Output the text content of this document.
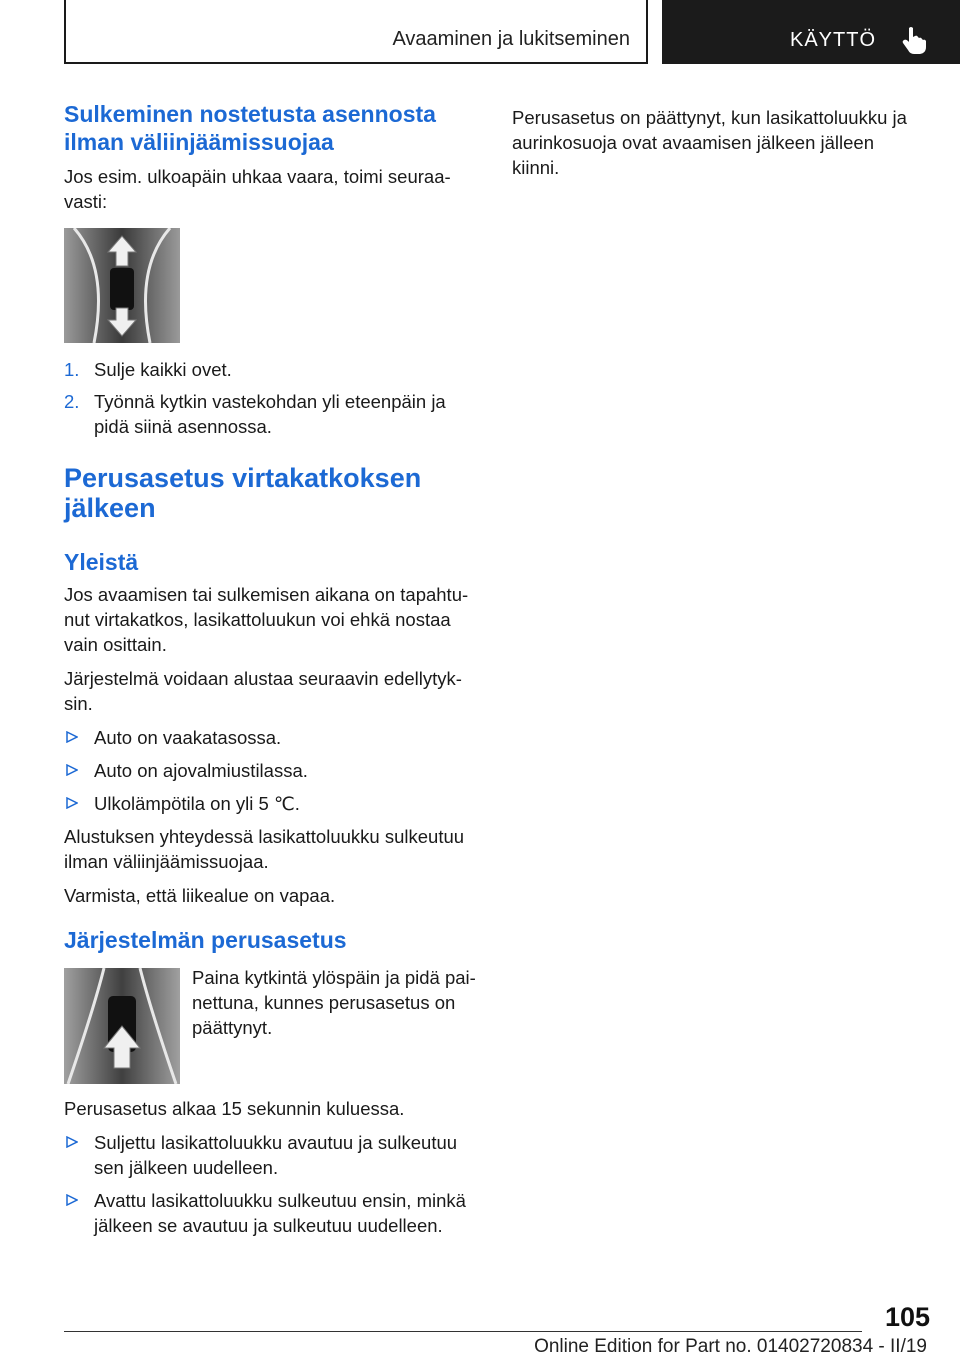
Avaaminen ja lukitseminen	KÄYTTÖ
Sulkeminen nostetusta asennosta ilman väliinjäämissuojaa

Jos esim. ulkoapäin uhkaa vaara, toimi seuraa-vasti:

1. Sulje kaikki ovet.
2. Työnnä kytkin vastekohdan yli eteenpäin ja pidä siinä asennossa.
Perusasetus virtakatkoksen jälkeen
Yleistä

Jos avaamisen tai sulkemisen aikana on tapahtu-nut virtakatkos, lasikattoluukun voi ehkä nostaa vain osittain.

Järjestelmä voidaan alustaa seuraavin edellytyk-sin.

Auto on vaakatasossa.
Auto on ajovalmiustilassa.
Ulkolämpötila on yli 5 ℃.

Alustuksen yhteydessä lasikattoluukku sulkeutuu ilman väliinjäämissuojaa.

Varmista, että liikealue on vapaa.

Järjestelmän perusasetus

Paina kytkintä ylöspäin ja pidä pai-nettuna, kunnes perusasetus on päättynyt.

Perusasetus alkaa 15 sekunnin kuluessa.

Suljettu lasikattoluukku avautuu ja sulkeutuu sen jälkeen uudelleen.
Avattu lasikattoluukku sulkeutuu ensin, minkä jälkeen se avautuu ja sulkeutuu uudelleen.

Perusasetus on päättynyt, kun lasikattoluukku ja aurinkosuoja ovat avaamisen jälkeen jälleen kiinni.

105
Online Edition for Part no. 01402720834 - II/19
